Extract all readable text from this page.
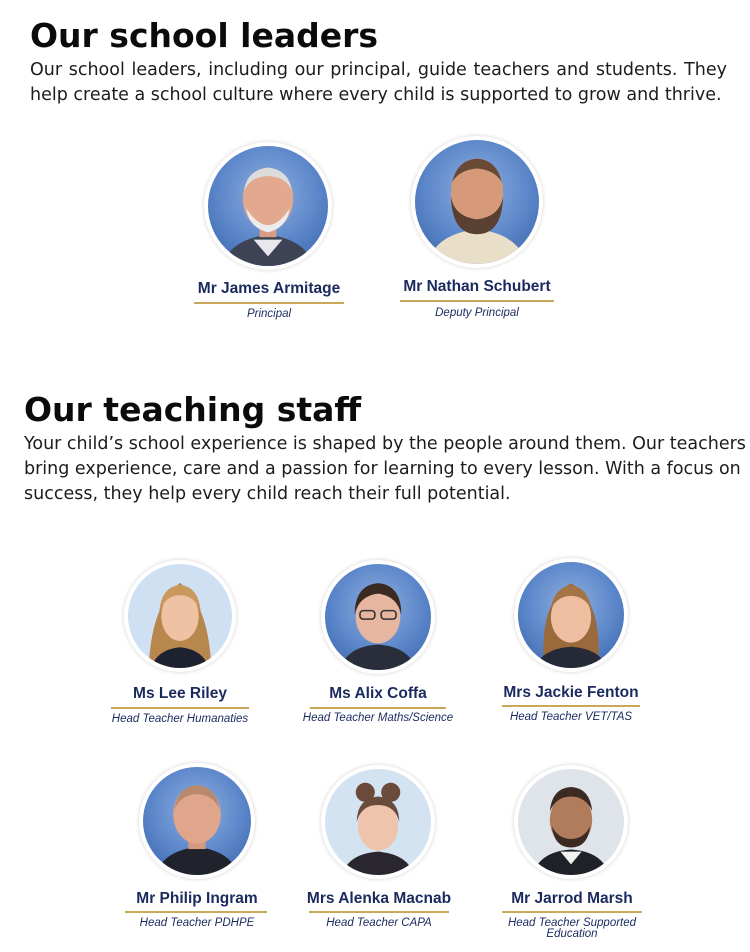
Our school leaders

Our school leaders, including our principal, guide teachers and students. They

help create a school culture where every child is supported to grow and thrive.

Mr James Armitage
Principal
Mr Nathan Schubert
Deputy Principal
Our teaching staff

Your child’s school experience is shaped by the people around them. Our teachers

bring experience, care and a passion for learning to every lesson. With a focus on

success, they help every child reach their full potential.

Ms Lee Riley
Head Teacher Humanaties
Ms Alix Coffa
Head Teacher Maths/Science
Mrs Jackie Fenton
Head Teacher VET/TAS
Mr Philip Ingram
Head Teacher PDHPE
Mrs Alenka Macnab
Head Teacher CAPA
Mr Jarrod Marsh
Head Teacher Supported
Education
